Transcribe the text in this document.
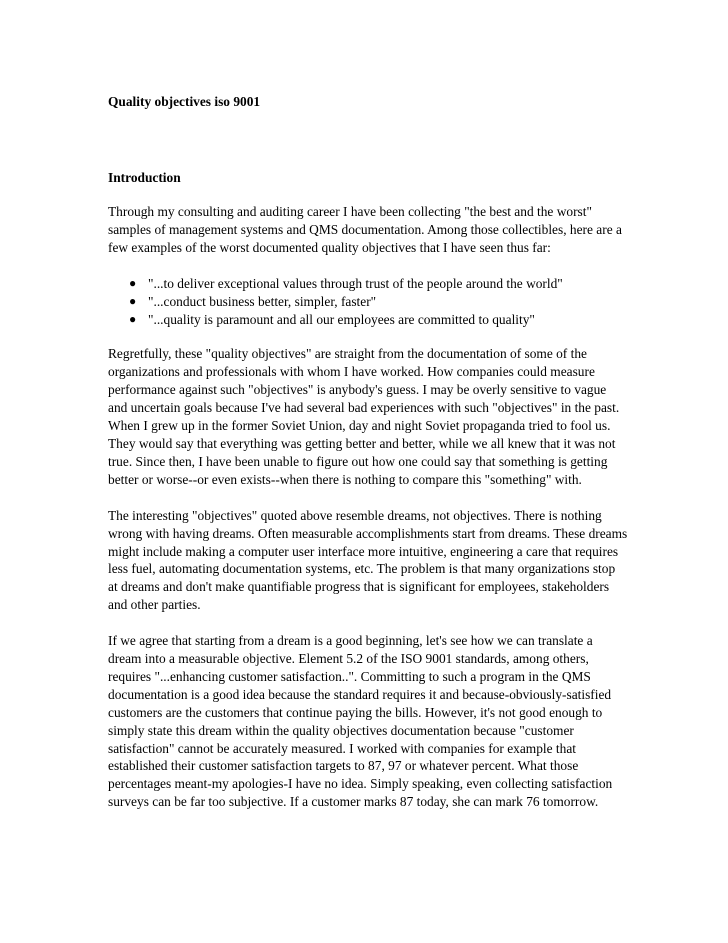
Quality objectives iso 9001
Introduction

Through my consulting and auditing career I have been collecting "the best and the worst" samples of management systems and QMS documentation. Among those collectibles, here are a few examples of the worst documented quality objectives that I have seen thus far:

● "...to deliver exceptional values through trust of the people around the world"
● "...conduct business better, simpler, faster"
● "...quality is paramount and all our employees are committed to quality"

Regretfully, these "quality objectives" are straight from the documentation of some of the organizations and professionals with whom I have worked. How companies could measure performance against such "objectives" is anybody's guess. I may be overly sensitive to vague and uncertain goals because I've had several bad experiences with such "objectives" in the past. When I grew up in the former Soviet Union, day and night Soviet propaganda tried to fool us. They would say that everything was getting better and better, while we all knew that it was not true. Since then, I have been unable to figure out how one could say that something is getting better or worse--or even exists--when there is nothing to compare this "something" with.

The interesting "objectives" quoted above resemble dreams, not objectives. There is nothing wrong with having dreams. Often measurable accomplishments start from dreams. These dreams might include making a computer user interface more intuitive, engineering a care that requires less fuel, automating documentation systems, etc. The problem is that many organizations stop at dreams and don't make quantifiable progress that is significant for employees, stakeholders and other parties.

If we agree that starting from a dream is a good beginning, let's see how we can translate a dream into a measurable objective. Element 5.2 of the ISO 9001 standards, among others, requires "...enhancing customer satisfaction..". Committing to such a program in the QMS documentation is a good idea because the standard requires it and because-obviously-satisfied customers are the customers that continue paying the bills. However, it's not good enough to simply state this dream within the quality objectives documentation because "customer satisfaction" cannot be accurately measured. I worked with companies for example that established their customer satisfaction targets to 87, 97 or whatever percent. What those percentages meant-my apologies-I have no idea. Simply speaking, even collecting satisfaction surveys can be far too subjective. If a customer marks 87 today, she can mark 76 tomorrow.
